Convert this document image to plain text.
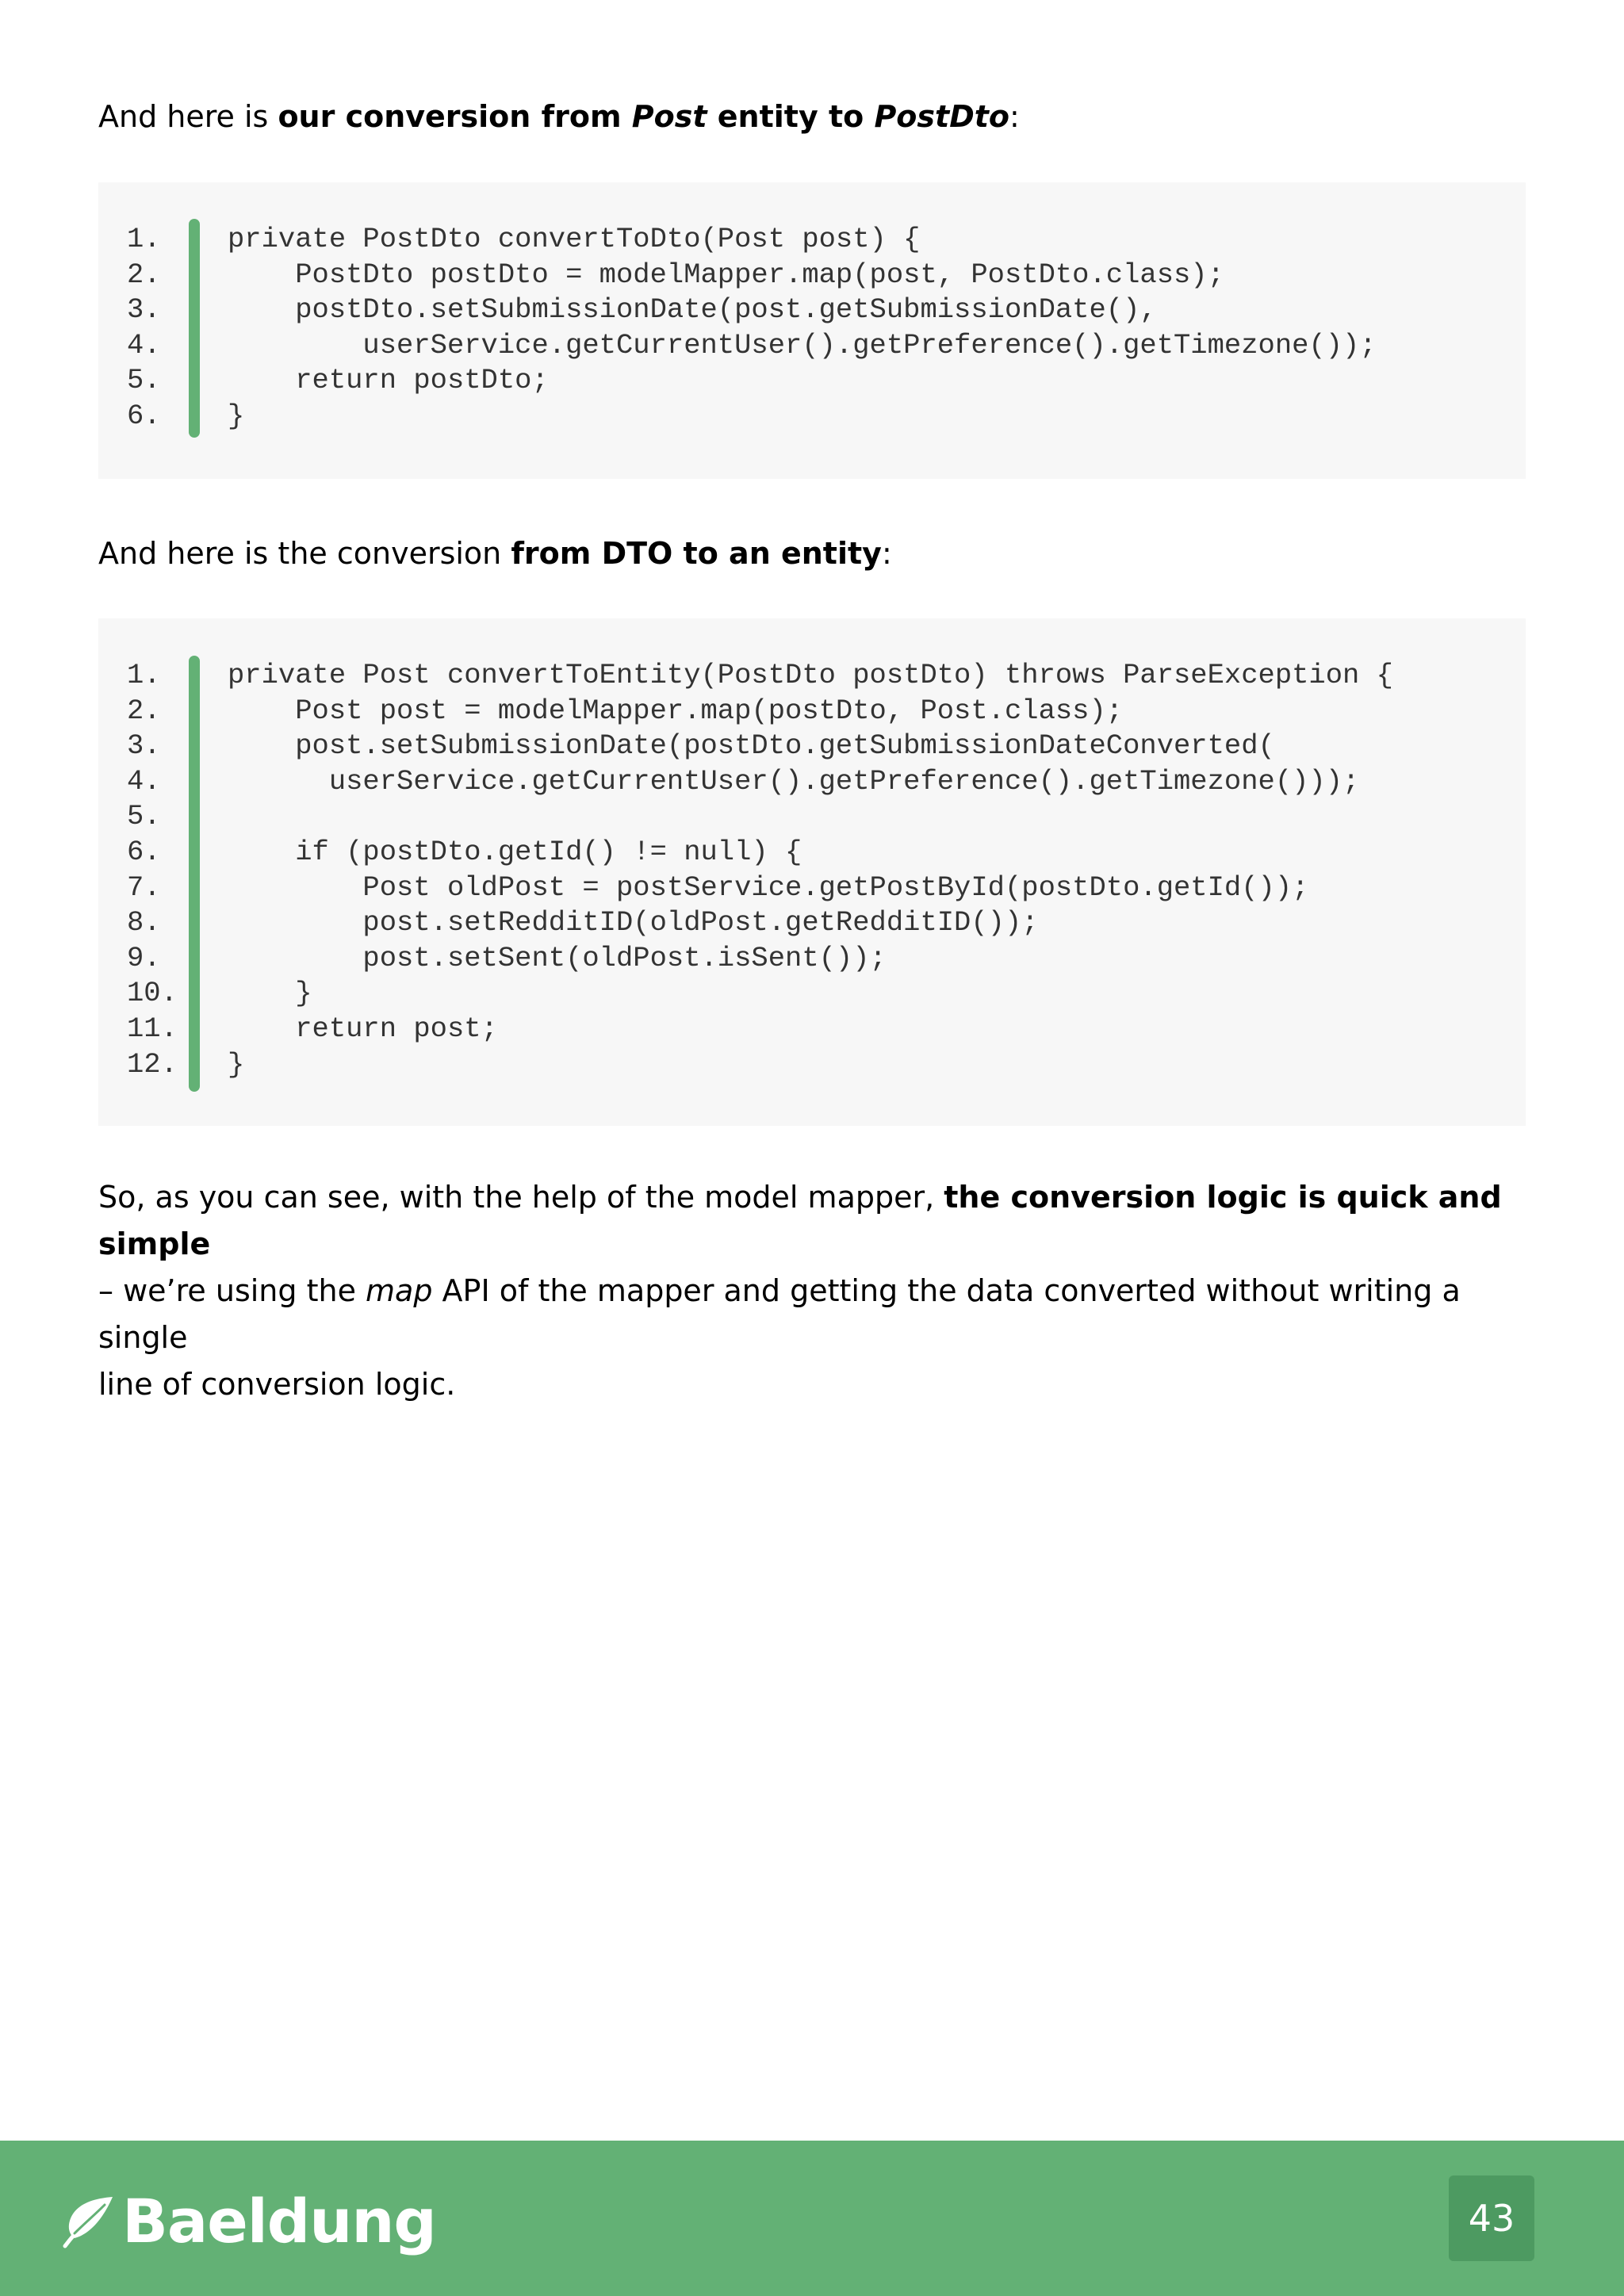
And here is our conversion from Post entity to PostDto:

1. private PostDto convertToDto(Post post) {
2. PostDto postDto = modelMapper.map(post, PostDto.class);
3. postDto.setSubmissionDate(post.getSubmissionDate(),
4. userService.getCurrentUser().getPreference().getTimezone());
5. return postDto;
6. }

And here is the conversion from DTO to an entity:

1. private Post convertToEntity(PostDto postDto) throws ParseException {
2. Post post = modelMapper.map(postDto, Post.class);
3. post.setSubmissionDate(postDto.getSubmissionDateConverted(
4. userService.getCurrentUser().getPreference().getTimezone()));
5.
6. if (postDto.getId() != null) {
7. Post oldPost = postService.getPostById(postDto.getId());
8. post.setRedditID(oldPost.getRedditID());
9. post.setSent(oldPost.isSent());
10. }
11. return post;
12. }

So, as you can see, with the help of the model mapper, the conversion logic is quick and simple
– we’re using the map API of the mapper and getting the data converted without writing a single
line of conversion logic.

Baeldung	43
